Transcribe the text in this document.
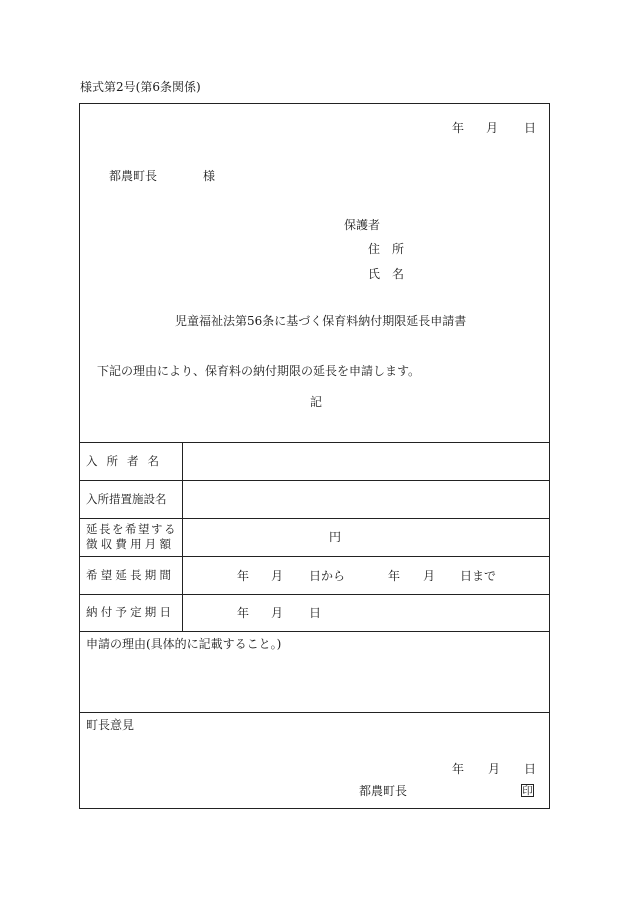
様式第2号(第6条関係)
年 月 日
都農町長	様
保護者
住　所
氏　名
児童福祉法第56条に基づく保育料納付期限延長申請書
下記の理由により、保育料の納付期限の延長を申請します。
記
入所者名
入所措置施設名
延長を希望する
徴収費用月額	円
希望延長期間	年 月 日から	年 月 日まで
納付予定期日	年 月 日
申請の理由(具体的に記載すること。)
町長意見
年 月 日
都農町長	印
